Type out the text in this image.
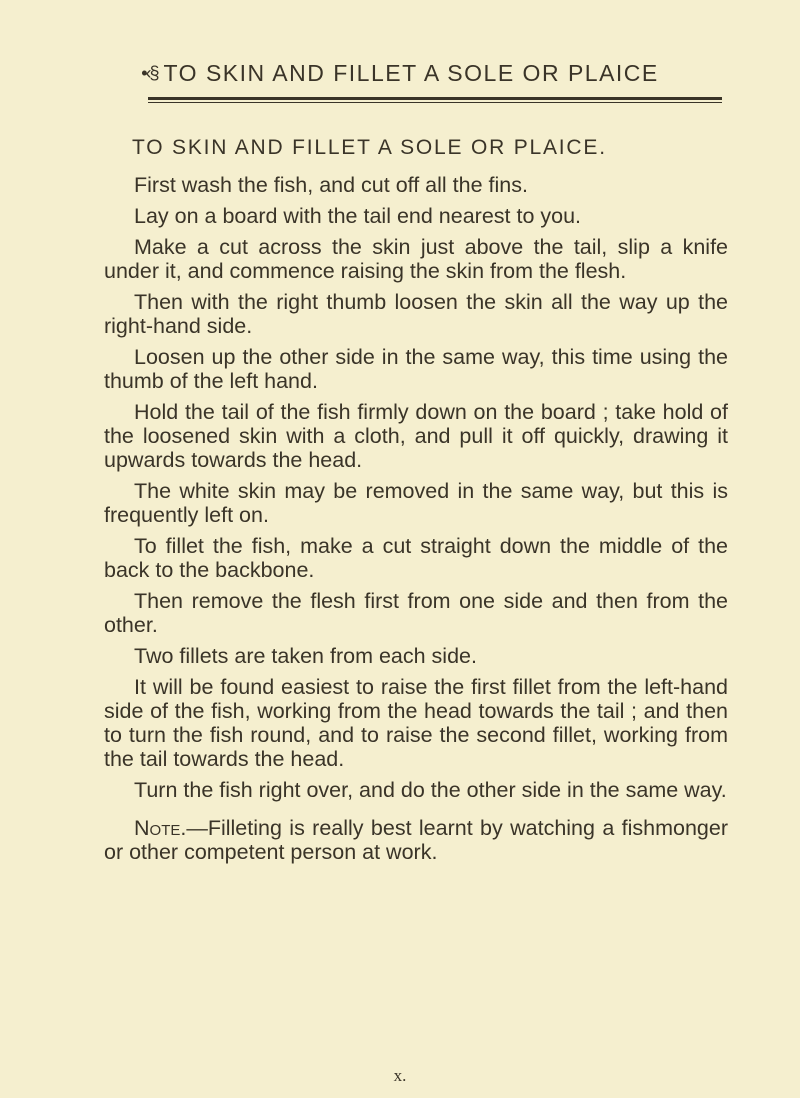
•‹§ TO SKIN AND FILLET A SOLE OR PLAICE
TO SKIN AND FILLET A SOLE OR PLAICE.

First wash the fish, and cut off all the fins.

Lay on a board with the tail end nearest to you.

Make a cut across the skin just above the tail, slip a knife under it, and commence raising the skin from the flesh.

Then with the right thumb loosen the skin all the way up the right-hand side.

Loosen up the other side in the same way, this time using the thumb of the left hand.

Hold the tail of the fish firmly down on the board ; take hold of the loosened skin with a cloth, and pull it off quickly, drawing it upwards towards the head.

The white skin may be removed in the same way, but this is frequently left on.

To fillet the fish, make a cut straight down the middle of the back to the backbone.

Then remove the flesh first from one side and then from the other.

Two fillets are taken from each side.

It will be found easiest to raise the first fillet from the left-hand side of the fish, working from the head towards the tail ; and then to turn the fish round, and to raise the second fillet, working from the tail towards the head.

Turn the fish right over, and do the other side in the same way.

Note.—Filleting is really best learnt by watching a fishmonger or other competent person at work.

x.
